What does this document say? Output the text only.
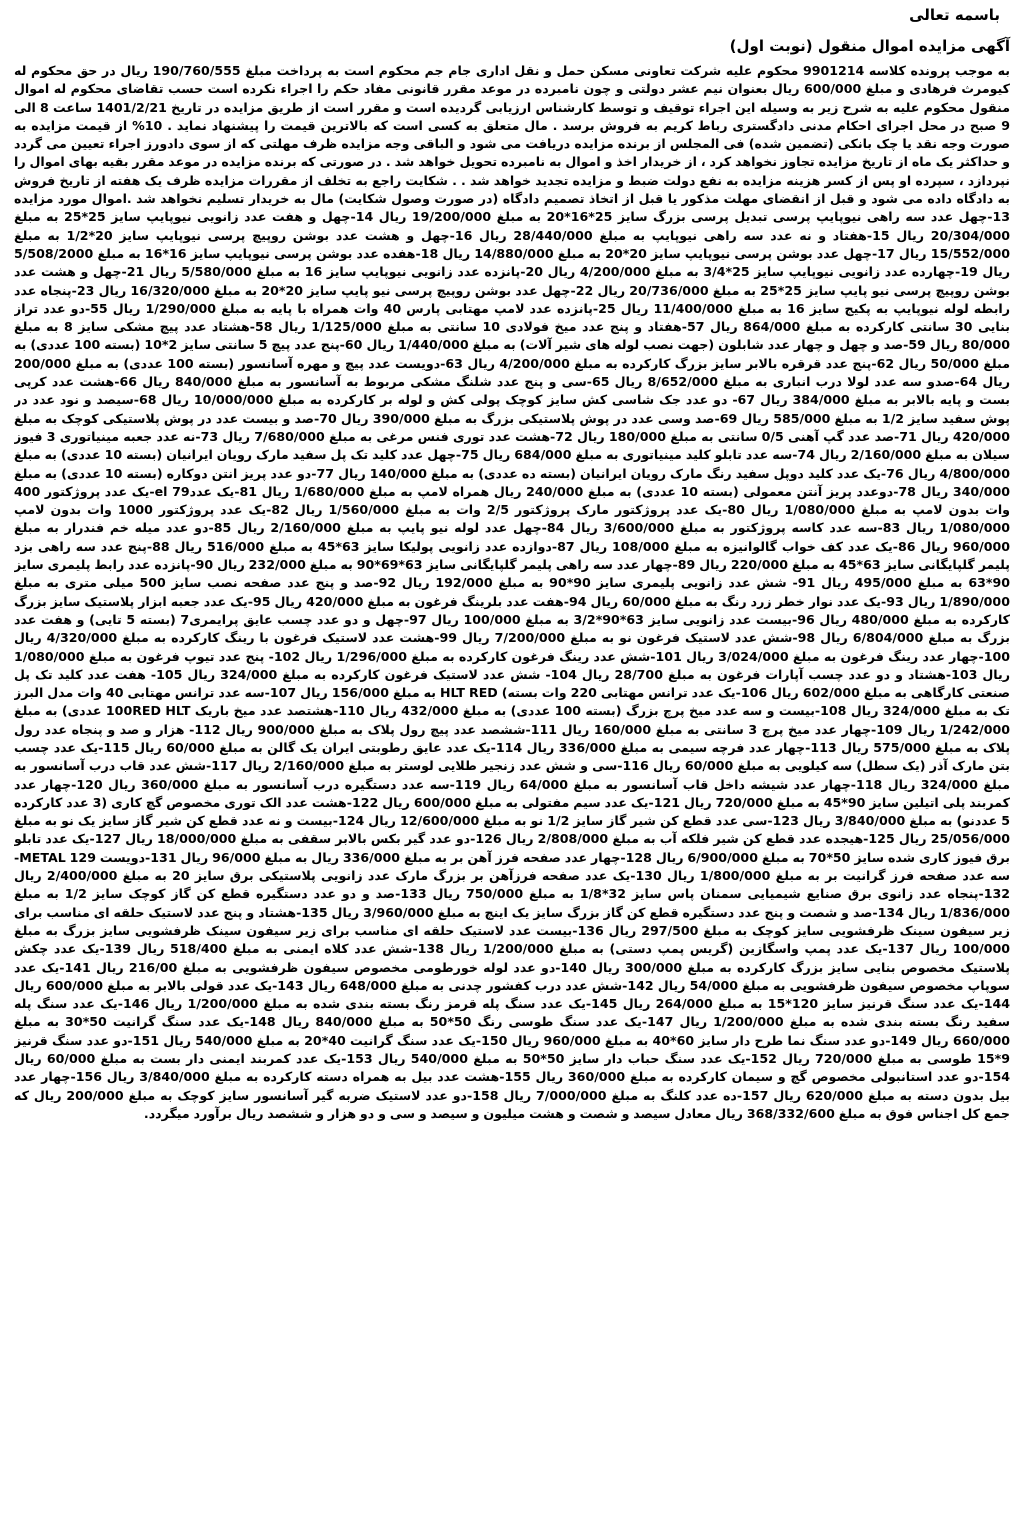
باسمه تعالی
آگهی مزایده اموال منقول (نوبت اول)
به موجب پرونده کلاسه 9901214 محکوم علیه شرکت تعاونی مسکن حمل و نقل اداری جام جم محکوم است به پرداخت مبلغ 190/760/555 ریال در حق محکوم له کیومرث فرهادی و مبلغ 600/000 ریال بعنوان نیم عشر دولتی و چون نامبرده در موعد مقرر قانونی مفاد حکم را اجراء نکرده است حسب تقاضای محکوم له اموال منقول محکوم علیه به شرح زیر به وسیله این اجراء توقیف و توسط کارشناس ارزیابی گردیده است و مقرر است از طریق مزایده در تاریخ 1401/2/21 ساعت 8 الی 9 صبح در محل اجرای احکام مدنی دادگستری رباط کریم به فروش برسد . مال متعلق به کسی است که بالاترین قیمت را پیشنهاد نماید . 10% از قیمت مزایده به صورت وجه نقد یا چک بانکی (تضمین شده) فی المجلس از برنده مزایده دریافت می شود و الباقی وجه مزایده ظرف مهلتی که از سوی دادورز اجراء تعیین می گردد و حداکثر یک ماه از تاریخ مزایده تجاوز نخواهد کرد ، از خریدار اخذ و اموال به نامبرده تحویل خواهد شد . در صورتی که برنده مزایده در موعد مقرر بقیه بهای اموال را نپردازد ، سپرده او پس از کسر هزینه مزایده به نفع دولت ضبط و مزایده تجدید خواهد شد . . شکایت راجع به تخلف از مقررات مزایده ظرف یک هفته از تاریخ فروش به دادگاه داده می شود و قبل از انقضای مهلت مذکور یا قبل از اتخاذ تصمیم دادگاه (در صورت وصول شکایت) مال به خریدار تسلیم نخواهد شد .اموال مورد مزایده 13-چهل عدد سه راهی نیوپایپ پرسی تبدیل پرسی بزرگ سایز 25*16*20 به مبلغ 19/200/000 ریال 14-چهل و هفت عدد زانویی نیوپایپ سایز 25*25 به مبلغ 20/304/000 ریال 15-هفتاد و نه عدد سه راهی نیوپایپ به مبلغ 28/440/000 ریال 16-چهل و هشت عدد بوشن روپیچ پرسی نیوپایپ سایز 20*1/2 به مبلغ 15/552/000 ریال 17-چهل عدد بوشن پرسی نیوپایپ سایز 20*20 به مبلغ 14/880/000 ریال 18-هفده عدد بوشن پرسی نیوپایپ سایز 16*16 به مبلغ 5/508/2000 ریال 19-چهارده عدد زانویی نیوپایپ سایز 25*3/4 به مبلغ 4/200/000 ریال 20-پانزده عدد زانویی نیوپایپ سایز 16 به مبلغ 5/580/000 ریال 21-چهل و هشت عدد بوشن روپیچ پرسی نیو پایپ سایز 25*25 به مبلغ 20/736/000 ریال 22-چهل عدد بوشن روپیچ پرسی نیو پایپ سایز 20*20 به مبلغ 16/320/000 ریال 23-پنجاه عدد رابطه لوله نیوپایپ به پکیج سایز 16 به مبلغ 11/400/000 ریال 25-پانزده عدد لامپ مهتابی پارس 40 وات همراه با پایه به مبلغ 1/290/000 ریال 55-دو عدد تراز بنایی 30 سانتی کارکرده به مبلغ 864/000 ریال 57-هفتاد و پنج عدد میخ فولادی 10 سانتی به مبلغ 1/125/000 ریال 58-هشتاد عدد پیچ مشکی سایز 8 به مبلغ 80/000 ریال 59-صد و چهل و چهار عدد شابلون (جهت نصب لوله های شیر آلات) به مبلغ 1/440/000 ریال 60-پنج عدد پیچ 5 سانتی سایز 2*10 (بسته 100 عددی) به مبلغ 50/000 ریال 62-پنج عدد قرقره بالابر سایز بزرگ کارکرده به مبلغ 4/200/000 ریال 63-دویست عدد پیچ و مهره آسانسور (بسته 100 عددی) به مبلغ 200/000 ریال 64-صدو سه عدد لولا درب انباری به مبلغ 8/652/000 ریال 65-سی و پنج عدد شلنگ مشکی مربوط به آسانسور به مبلغ 840/000 ریال 66-هشت عدد کرپی بست و پایه بالابر به مبلغ 384/000 ریال 67- دو عدد جک شاسی کش سایز کوچک پولی کش و لوله بر کارکرده به مبلغ 10/000/000 ریال 68-سیصد و نود عدد در پوش سفید سایز 1/2 به مبلغ 585/000 ریال 69-صد وسی عدد در پوش پلاستیکی بزرگ به مبلغ 390/000 ریال 70-صد و بیست عدد در پوش پلاستیکی کوچک به مبلغ 420/000 ریال 71-صد عدد گپ آهنی 0/5 سانتی به مبلغ 180/000 ریال 72-هشت عدد توری فنس مرغی به مبلغ 7/680/000 ریال 73-نه عدد جعبه مینیاتوری 3 فیوز سیلان به مبلغ 2/160/000 ریال 74-سه عدد تابلو کلید مینیاتوری به مبلغ 684/000 ریال 75-چهل عدد کلید تک پل سفید مارک رویان ایرانیان (بسته 10 عددی) به مبلغ 4/800/000 ریال 76-یک عدد کلید دوپل سفید رنگ مارک رویان ایرانیان (بسته ده عددی) به مبلغ 140/000 ریال 77-دو عدد پریز انتن دوکاره (بسته 10 عددی) به مبلغ 340/000 ریال 78-دوعدد پریز آنتن معمولی (بسته 10 عددی) به مبلغ 240/000 ریال همراه لامپ به مبلغ 1/680/000 ریال 81-یک عددel 79-یک عدد پروژکتور 400 وات بدون لامپ به مبلغ 1/080/000 ریال 80-یک عدد پروژکتور مارک پروژکتور 2/5 وات به مبلغ 1/560/000 ریال 82-یک عدد پروژکتور 1000 وات بدون لامپ 1/080/000 ریال 83-سه عدد کاسه پروژکتور به مبلغ 3/600/000 ریال 84-چهل عدد لوله نیو پایپ به مبلغ 2/160/000 ریال 85-دو عدد میله خم فندرار به مبلغ 960/000 ریال 86-یک عدد کف خواب گالوانیزه به مبلغ 108/000 ریال 87-دوازده عدد زانویی پولیکا سایز 63*45 به مبلغ 516/000 ریال 88-پنج عدد سه راهی بزد پلیمر گلپایگانی سایز 63*45 به مبلغ 220/000 ریال 89-چهار عدد سه راهی پلیمر گلپایگانی سایز 63*69*90 به مبلغ 232/000 ریال 90-پانزده عدد رابط پلیمری سایز 90*63 به مبلغ 495/000 ریال 91- شش عدد زانویی پلیمری سایز 90*90 به مبلغ 192/000 ریال 92-صد و پنج عدد صفحه نصب سایز 500 میلی متری به مبلغ 1/890/000 ریال 93-یک عدد نوار خطر زرد رنگ به مبلغ 60/000 ریال 94-هفت عدد بلرینگ فرغون به مبلغ 420/000 ریال 95-یک عدد جعبه ابزار پلاستیک سایز بزرگ کارکرده به مبلغ 480/000 ریال 96-بیست عدد زانویی سایز 63*90*3/2 به مبلغ 100/000 ریال 97-چهل و دو عدد چسب عایق پرایمری7 (بسته 5 تایی) و هفت عدد بزرگ به مبلغ 6/804/000 ریال 98-شش عدد لاستیک فرغون نو به مبلغ 7/200/000 ریال 99-هشت عدد لاستیک فرغون با رینگ کارکرده به مبلغ 4/320/000 ریال 100-چهار عدد رینگ فرغون به مبلغ 3/024/000 ریال 101-شش عدد رینگ فرغون کارکرده به مبلغ 1/296/000 ریال 102- پنج عدد تیوپ فرغون به مبلغ 1/080/000 ریال 103-هشتاد و دو عدد چسب آپارات فرغون به مبلغ 28/700 ریال 104- شش عدد لاستیک فرغون کارکرده به مبلغ 324/000 ریال 105- هفت عدد کلید تک پل صنعتی کارگاهی به مبلغ 602/000 ریال 106-یک عدد ترانس مهتابی 220 وات بسته) HLT RED به مبلغ 156/000 ریال 107-سه عدد ترانس مهتابی 40 وات مدل البرز تک به مبلغ 324/000 ریال 108-بیست و سه عدد میخ پرچ بزرگ (بسته 100 عددی) به مبلغ 432/000 ریال 110-هشتصد عدد میخ باریک 100RED HLT عددی) به مبلغ 1/242/000 ریال 109-چهار عدد میخ پرچ 3 سانتی به مبلغ 160/000 ریال 111-ششصد عدد پیچ رول پلاک به مبلغ 900/000 ریال 112- هزار و صد و پنجاه عدد رول پلاک به مبلغ 575/000 ریال 113-چهار عدد فرچه سیمی به مبلغ 336/000 ریال 114-یک عدد عایق رطوبتی ایران یک گالن به مبلغ 60/000 ریال 115-یک عدد چسب بتن مارک آذر (یک سطل) سه کیلویی به مبلغ 60/000 ریال 116-سی و شش عدد زنجیر طلایی لوستر به مبلغ 2/160/000 ریال 117-شش عدد قاب درب آسانسور به مبلغ 324/000 ریال 118-چهار عدد شیشه داخل قاب آسانسور به مبلغ 64/000 ریال 119-سه عدد دستگیره درب آسانسور به مبلغ 360/000 ریال 120-چهار عدد کمربند پلی اتیلین سایز 90*45 به مبلغ 720/000 ریال 121-یک عدد سیم مفتولی به مبلغ 600/000 ریال 122-هشت عدد الک توری مخصوص گچ کاری (3 عدد کارکرده 5 عددنو) به مبلغ 3/840/000 ریال 123-سی عدد قطع کن شیر گاز سایز 1/2 نو به مبلغ 12/600/000 ریال 124-بیست و نه عدد قطع کن شیر گاز سایز یک نو به مبلغ 25/056/000 ریال 125-هیجده عدد قطع کن شیر فلکه آب به مبلغ 2/808/000 ریال 126-دو عدد گیر بکس بالابر سقفی به مبلغ 18/000/000 ریال 127-یک عدد تابلو برق فیوز کاری شده سایز 50*70 به مبلغ 6/900/000 ریال 128-چهار عدد صفحه فرز آهن بر به مبلغ 336/000 ریال به مبلغ 96/000 ریال 131-دویست METAL 129-سه عدد صفحه فرز گرانیت بر به مبلغ 1/800/000 ریال 130-یک عدد صفحه فرزآهن بر بزرگ مارک عدد زانویی پلاستیکی برق سایز 20 به مبلغ 2/400/000 ریال 132-پنجاه عدد زانوی برق صنایع شیمیایی سمنان پاس سایز 32*1/8 به مبلغ 750/000 ریال 133-صد و دو عدد دستگیره قطع کن گاز کوچک سایز 1/2 به مبلغ 1/836/000 ریال 134-صد و شصت و پنج عدد دستگیره قطع کن گاز بزرگ سایز یک اینچ به مبلغ 3/960/000 ریال 135-هشتاد و پنج عدد لاستیک حلقه ای مناسب برای زیر سیفون سینک ظرفشویی سایز کوچک به مبلغ 297/500 ریال 136-بیست عدد لاستیک حلقه ای مناسب برای زیر سیفون سینک ظرفشویی سایز بزرگ به مبلغ 100/000 ریال 137-یک عدد پمپ واسگازین (گریس پمپ دستی) به مبلغ 1/200/000 ریال 138-شش عدد کلاه ایمنی به مبلغ 518/400 ریال 139-یک عدد چکش پلاستیک مخصوص بنایی سایز بزرگ کارکرده به مبلغ 300/000 ریال 140-دو عدد لوله خورطومی مخصوص سیفون ظرفشویی به مبلغ 216/00 ریال 141-یک عدد سوپاپ مخصوص سیفون ظرفشویی به مبلغ 54/000 ریال 142-شش عدد درب کفشور چدنی به مبلغ 648/000 ریال 143-یک عدد قولی بالابر به مبلغ 600/000 ریال 144-یک عدد سنگ قرنیز سایز 120*15 به مبلغ 264/000 ریال 145-یک عدد سنگ پله قرمز رنگ بسته بندی شده به مبلغ 1/200/000 ریال 146-یک عدد سنگ پله سفید رنگ بسته بندی شده به مبلغ 1/200/000 ریال 147-یک عدد سنگ طوسی رنگ 50*50 به مبلغ 840/000 ریال 148-یک عدد سنگ گرانیت 50*30 به مبلغ 660/000 ریال 149-دو عدد سنگ نما طرح دار سایز 60*40 به مبلغ 960/000 ریال 150-یک عدد سنگ گرانیت 40*20 به مبلغ 540/000 ریال 151-دو عدد سنگ قرنیز 9*15 طوسی به مبلغ 720/000 ریال 152-یک عدد سنگ حباب دار سایز 50*50 به مبلغ 540/000 ریال 153-یک عدد کمربند ایمنی دار بست به مبلغ 60/000 ریال 154-دو عدد استانبولی مخصوص گچ و سیمان کارکرده به مبلغ 360/000 ریال 155-هشت عدد بیل به همراه دسته کارکرده به مبلغ 3/840/000 ریال 156-چهار عدد بیل بدون دسته به مبلغ 620/000 ریال 157-ده عدد کلنگ به مبلغ 7/000/000 ریال 158-دو عدد لاستیک ضربه گیر آسانسور سایز کوچک به مبلغ 200/000 ریال که جمع کل اجناس فوق به مبلغ 368/332/600 ریال معادل سیصد و شصت و هشت میلیون و سیصد و سی و دو هزار و ششصد ریال برآورد میگردد.
